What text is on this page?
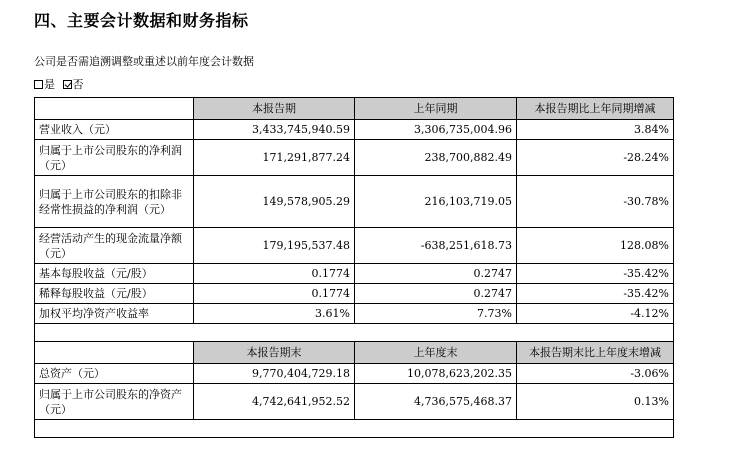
四、主要会计数据和财务指标
公司是否需追溯调整或重述以前年度会计数据
是 否
	本报告期	上年同期	本报告期比上年同期增减
营业收入（元）	3,433,745,940.59	3,306,735,004.96	3.84%
归属于上市公司股东的净利润（元）	171,291,877.24	238,700,882.49	-28.24%
归属于上市公司股东的扣除非经常性损益的净利润（元）	149,578,905.29	216,103,719.05	-30.78%
经营活动产生的现金流量净额（元）	179,195,537.48	-638,251,618.73	128.08%
基本每股收益（元/股）	0.1774	0.2747	-35.42%
稀释每股收益（元/股）	0.1774	0.2747	-35.42%
加权平均净资产收益率	3.61%	7.73%	-4.12%

	本报告期末	上年度末	本报告期末比上年度末增减
总资产（元）	9,770,404,729.18	10,078,623,202.35	-3.06%
归属于上市公司股东的净资产（元）	4,742,641,952.52	4,736,575,468.37	0.13%
